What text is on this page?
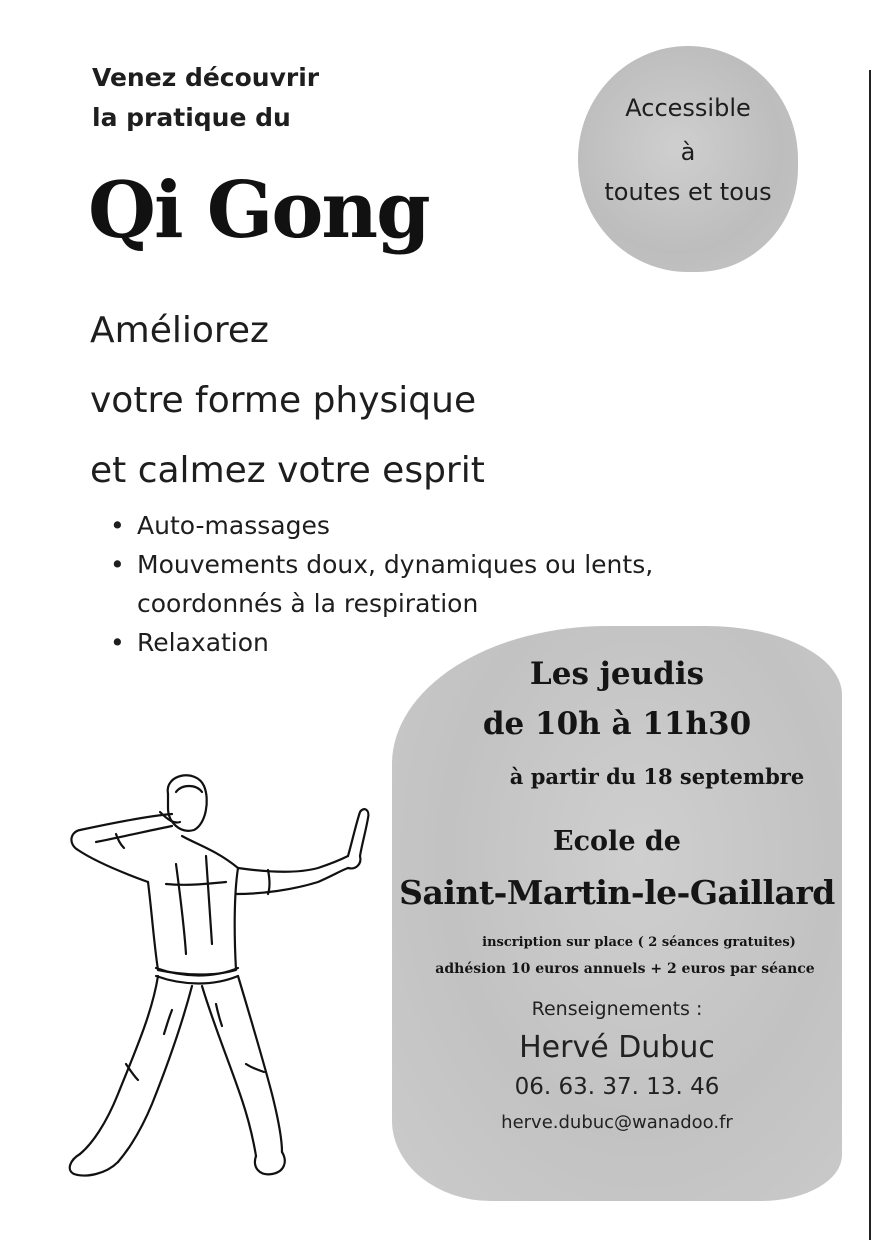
Venez découvrir
la pratique du
Qi Gong
Accessible
à
toutes et tous
Améliorez
votre forme physique
et calmez votre esprit
• Auto-massages
• Mouvements doux, dynamiques ou lents,
coordonnés à la respiration
• Relaxation
Les jeudis
de 10h à 11h30
à partir du 18 septembre
Ecole de
Saint-Martin-le-Gaillard
inscription sur place ( 2 séances gratuites)
adhésion 10 euros annuels + 2 euros par séance
Renseignements :
Hervé Dubuc
06. 63. 37. 13. 46
herve.dubuc@wanadoo.fr
